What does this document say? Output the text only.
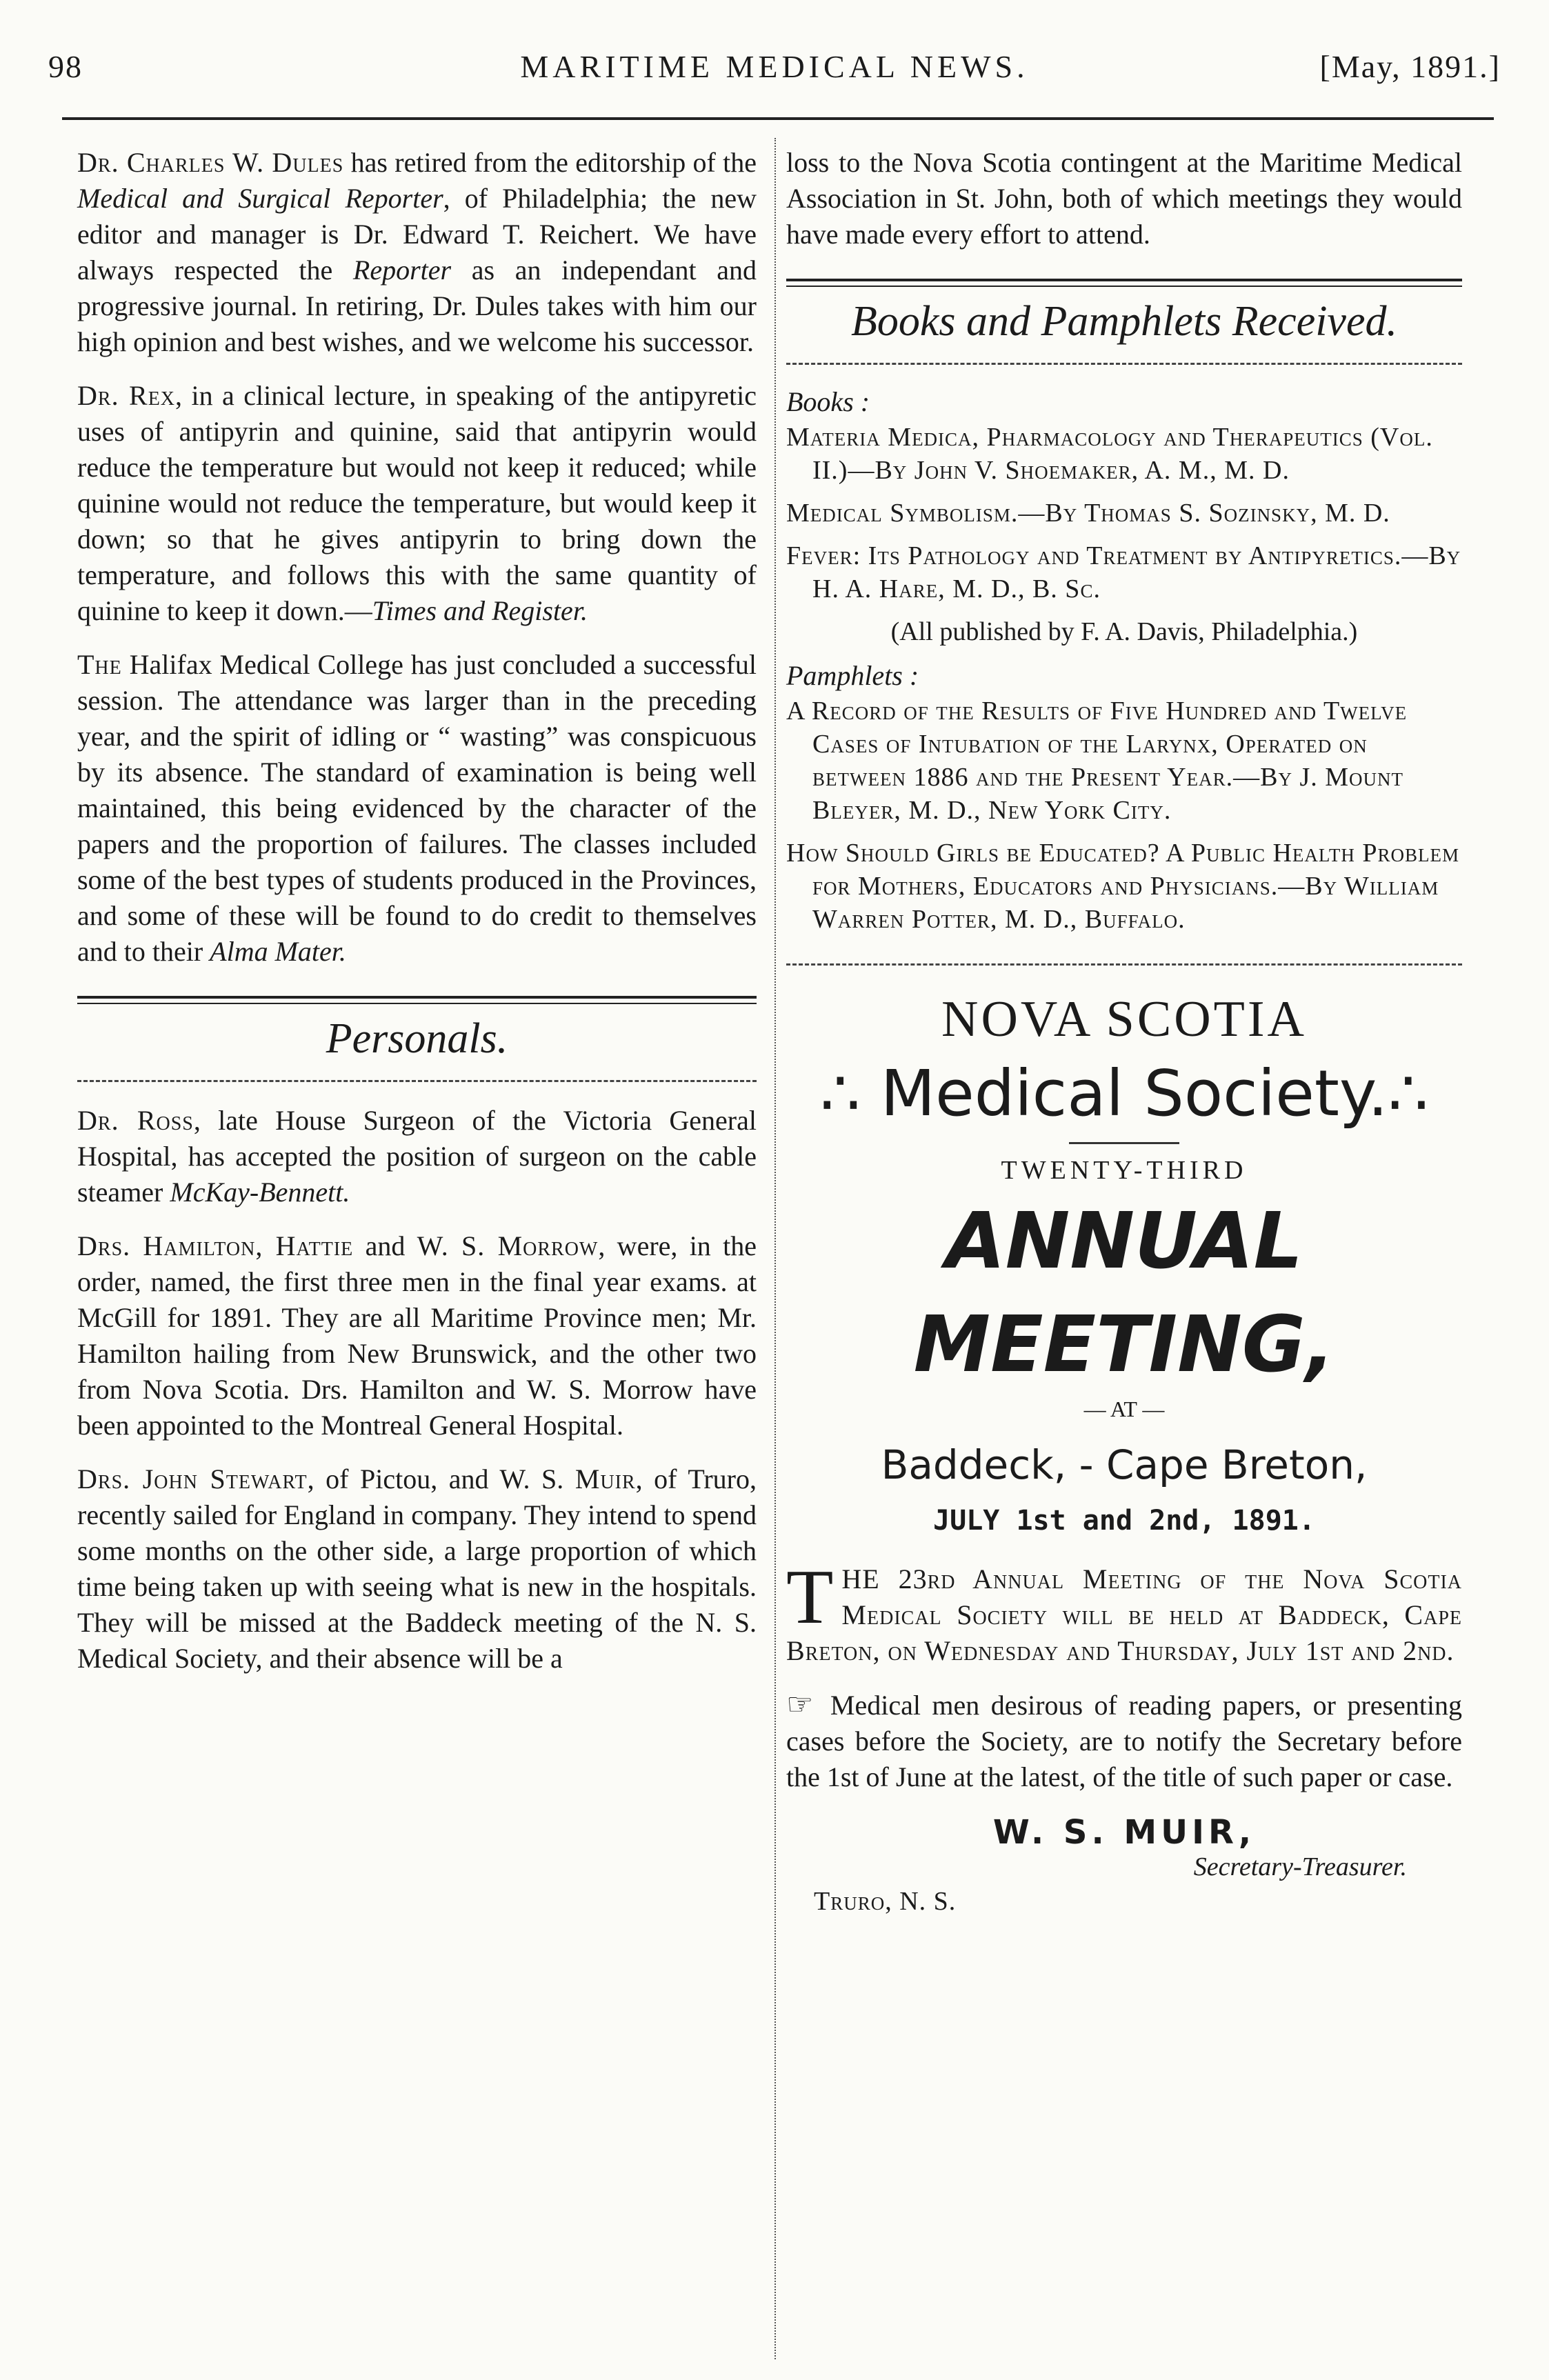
98	MARITIME MEDICAL NEWS.	[May, 1891.]

Dr. Charles W. Dules has retired from the editorship of the Medical and Surgical Reporter, of Philadelphia; the new editor and manager is Dr. Edward T. Reichert. We have always respected the Reporter as an independant and progressive journal. In retiring, Dr. Dules takes with him our high opinion and best wishes, and we welcome his successor.

Dr. Rex, in a clinical lecture, in speaking of the antipyretic uses of antipyrin and quinine, said that antipyrin would reduce the temperature but would not keep it reduced; while quinine would not reduce the temperature, but would keep it down; so that he gives antipyrin to bring down the temperature, and follows this with the same quantity of quinine to keep it down.—Times and Register.

The Halifax Medical College has just concluded a successful session. The attendance was larger than in the preceding year, and the spirit of idling or “ wasting” was conspicuous by its absence. The standard of examination is being well maintained, this being evidenced by the character of the papers and the proportion of failures. The classes included some of the best types of students produced in the Provinces, and some of these will be found to do credit to themselves and to their Alma Mater.

Personals.

Dr. Ross, late House Surgeon of the Victoria General Hospital, has accepted the position of surgeon on the cable steamer McKay-Bennett.

Drs. Hamilton, Hattie and W. S. Morrow, were, in the order, named, the first three men in the final year exams. at McGill for 1891. They are all Maritime Province men; Mr. Hamilton hailing from New Brunswick, and the other two from Nova Scotia. Drs. Hamilton and W. S. Morrow have been appointed to the Montreal General Hospital.

Drs. John Stewart, of Pictou, and W. S. Muir, of Truro, recently sailed for England in company. They intend to spend some months on the other side, a large proportion of which time being taken up with seeing what is new in the hospitals. They will be missed at the Baddeck meeting of the N. S. Medical Society, and their absence will be a

loss to the Nova Scotia contingent at the Maritime Medical Association in St. John, both of which meetings they would have made every effort to attend.

Books and Pamphlets Received.
Books :
Materia Medica, Pharmacology and Therapeutics (Vol. II.)—By John V. Shoemaker, A. M., M. D.
Medical Symbolism.—By Thomas S. Sozinsky, M. D.
Fever: Its Pathology and Treatment by Antipyretics.—By H. A. Hare, M. D., B. Sc.
(All published by F. A. Davis, Philadelphia.)
Pamphlets :
A Record of the Results of Five Hundred and Twelve Cases of Intubation of the Larynx, Operated on between 1886 and the Present Year.—By J. Mount Bleyer, M. D., New York City.
How Should Girls be Educated? A Public Health Problem for Mothers, Educators and Physicians.—By William Warren Potter, M. D., Buffalo.
NOVA SCOTIA
∴ Medical Society.∴
TWENTY-THIRD
ANNUAL MEETING,
— AT —
Baddeck, - Cape Breton,
JULY 1st and 2nd, 1891.

THE 23rd Annual Meeting of the Nova Scotia Medical Society will be held at Baddeck, Cape Breton, on Wednesday and Thursday, July 1st and 2nd.

☞ Medical men desirous of reading papers, or presenting cases before the Society, are to notify the Secretary before the 1st of June at the latest, of the title of such paper or case.

W. S. MUIR,
Secretary-Treasurer.
Truro, N. S.
